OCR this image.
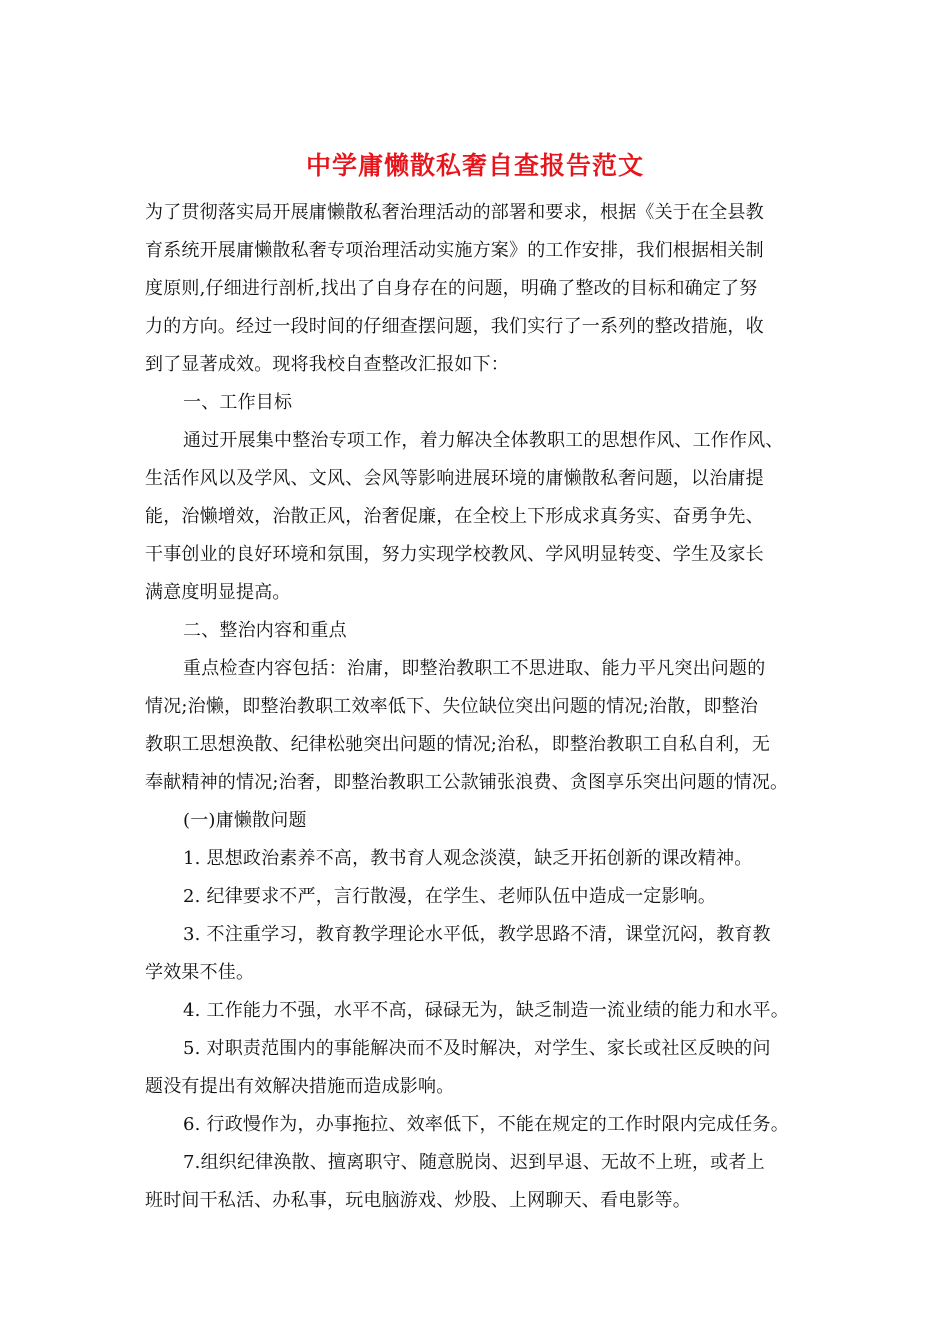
中学庸懒散私奢自查报告范文
为了贯彻落实局开展庸懒散私奢治理活动的部署和要求，根据《关于在全县教
育系统开展庸懒散私奢专项治理活动实施方案》的工作安排，我们根据相关制
度原则,仔细进行剖析,找出了自身存在的问题，明确了整改的目标和确定了努
力的方向。经过一段时间的仔细查摆问题，我们实行了一系列的整改措施，收
到了显著成效。现将我校自查整改汇报如下：
一、工作目标
通过开展集中整治专项工作，着力解决全体教职工的思想作风、工作作风、
生活作风以及学风、文风、会风等影响进展环境的庸懒散私奢问题，以治庸提
能，治懒增效，治散正风，治奢促廉，在全校上下形成求真务实、奋勇争先、
干事创业的良好环境和氛围，努力实现学校教风、学风明显转变、学生及家长
满意度明显提高。
二、整治内容和重点
重点检查内容包括：治庸，即整治教职工不思进取、能力平凡突出问题的
情况;治懒，即整治教职工效率低下、失位缺位突出问题的情况;治散，即整治
教职工思想涣散、纪律松驰突出问题的情况;治私，即整治教职工自私自利，无
奉献精神的情况;治奢，即整治教职工公款铺张浪费、贪图享乐突出问题的情况。
(一)庸懒散问题
1. 思想政治素养不高，教书育人观念淡漠，缺乏开拓创新的课改精神。
2. 纪律要求不严，言行散漫，在学生、老师队伍中造成一定影响。
3. 不注重学习，教育教学理论水平低，教学思路不清，课堂沉闷，教育教
学效果不佳。
4. 工作能力不强，水平不高，碌碌无为，缺乏制造一流业绩的能力和水平。
5. 对职责范围内的事能解决而不及时解决，对学生、家长或社区反映的问
题没有提出有效解决措施而造成影响。
6. 行政慢作为，办事拖拉、效率低下，不能在规定的工作时限内完成任务。
7.组织纪律涣散、擅离职守、随意脱岗、迟到早退、无故不上班，或者上
班时间干私活、办私事，玩电脑游戏、炒股、上网聊天、看电影等。
